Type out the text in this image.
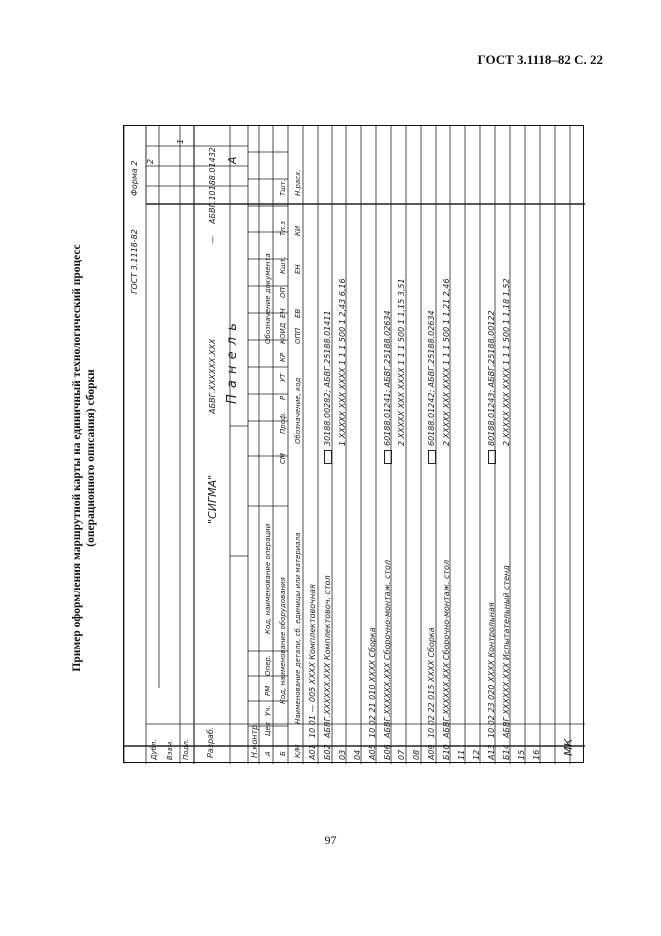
ГОСТ 3.1118–82 С. 22
Пример оформления маршрутной карты на единичный технологический процесс (операционного описания) сборки
ГОСТ 3.1118-82
Форма 2 2
1
Дубл. Взам. Подл. Разраб.	Н.контр.
"СИГМА"
АБВГ.ХХХХХХ.ХХХ
—
АБВГ.10188.01432 А
П а н е л ь
А
Цех
Уч.
РМ
Опер.
Код, наименование операции
Обозначение документа
Б
Код, наименование оборудования
СМ
Проф.
Р
УТ
КР
КОИД
ЕН
ОП
Кшт.
Тп.з
Тшт.
К/М
Наименование детали, сб. единицы или материала
Обозначение, код
ОПП
ЕВ
ЕН
КИ
Н.расх.
А01
10 01 — 005 XXXX Комплектовочная
Б02
АБВГ.XXXXXX.XXX Комплектовоч. стол
30188.00282; АБВГ.25188.01411
03
1 XXXXX XXX XXXX 1 1 1 500 1 2,43 6,16
04 А05
10 02 21 010 XXXX Сборка
Б06
АБВГ.XXXXXX.XXX Сборочно-монтаж. стол
60188.01241; АБВГ.25188.02634
07
2 XXXXX XXX XXXX 1 1 1 500 1 1,15 3,51
08 А09
10 02 22 015 XXXX Сборка
60188.01242; АБВГ.25188.02634
Б10
АБВГ.XXXXXX.XXX Сборочно-монтаж. стол
2 XXXXX XXX XXXX 1 1 1 500 1 1,21 2,46
11 12 А13
10 02 23 020 XXXX Контрольная
80188.01243; АБВГ.25188.00122
Б14
АБВГ.XXXXXX.XXX Испытательный стенд
2 XXXXX XXX XXXX 1 1 1 500 1 1,18 1,52
15 16 МК
97
